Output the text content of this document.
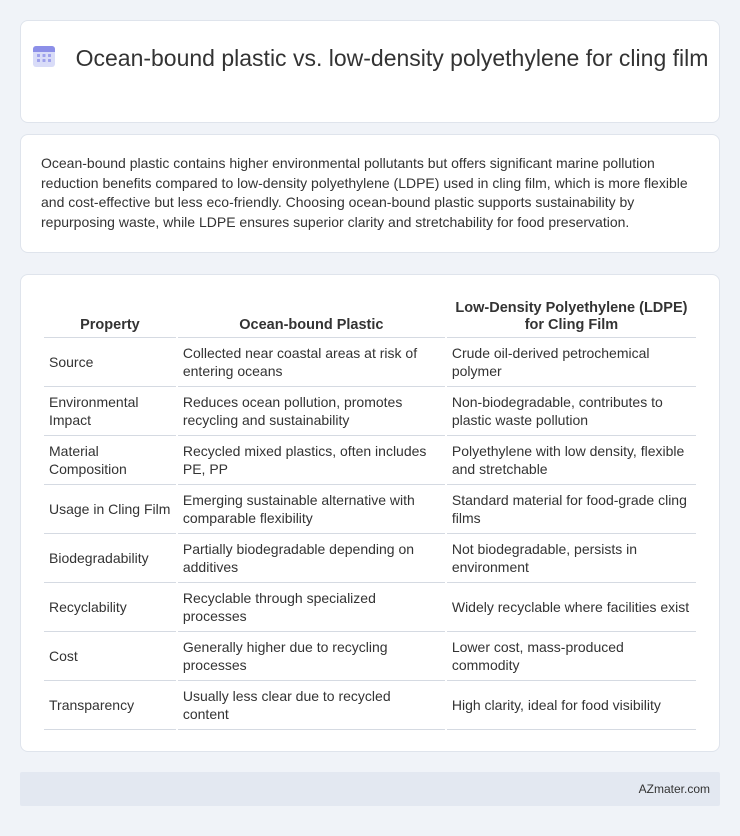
Ocean-bound plastic vs. low-density polyethylene for cling film

Ocean-bound plastic contains higher environmental pollutants but offers significant marine pollution reduction benefits compared to low-density polyethylene (LDPE) used in cling film, which is more flexible and cost-effective but less eco-friendly. Choosing ocean-bound plastic supports sustainability by repurposing waste, while LDPE ensures superior clarity and stretchability for food preservation.

Property	Ocean-bound Plastic	Low-Density Polyethylene (LDPE) for Cling Film
Source	Collected near coastal areas at risk of entering oceans	Crude oil-derived petrochemical polymer
Environmental Impact	Reduces ocean pollution, promotes recycling and sustainability	Non-biodegradable, contributes to plastic waste pollution
Material Composition	Recycled mixed plastics, often includes PE, PP	Polyethylene with low density, flexible and stretchable
Usage in Cling Film	Emerging sustainable alternative with comparable flexibility	Standard material for food-grade cling films
Biodegradability	Partially biodegradable depending on additives	Not biodegradable, persists in environment
Recyclability	Recyclable through specialized processes	Widely recyclable where facilities exist
Cost	Generally higher due to recycling processes	Lower cost, mass-produced commodity
Transparency	Usually less clear due to recycled content	High clarity, ideal for food visibility
AZmater.com
